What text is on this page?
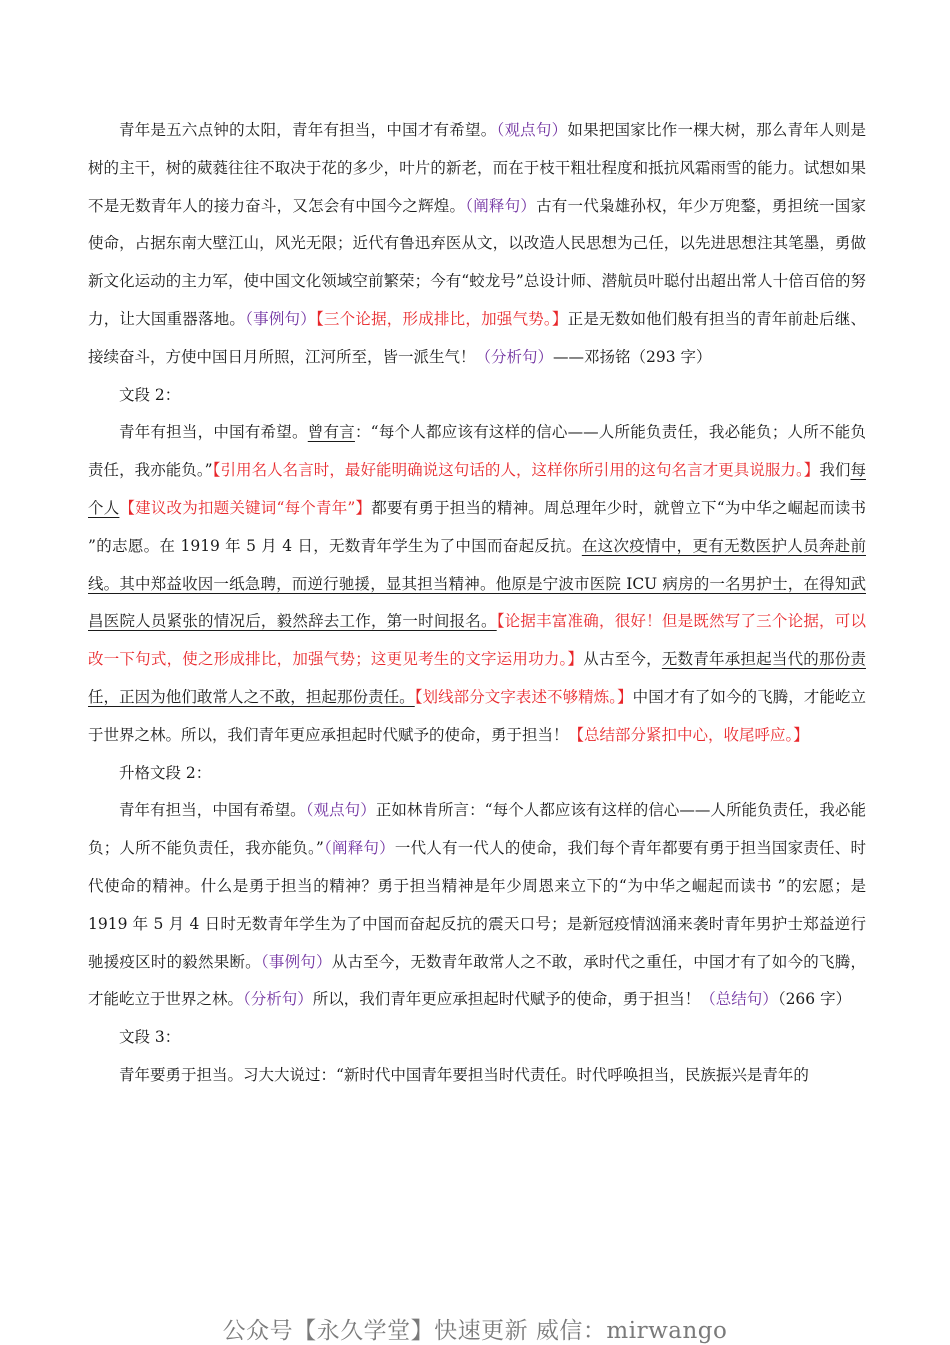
青年是五六点钟的太阳，青年有担当，中国才有希望。（观点句）如果把国家比作一棵大树，那么青年人则是树的主干，树的葳蕤往往不取决于花的多少，叶片的新老，而在于枝干粗壮程度和抵抗风霜雨雪的能力。试想如果不是无数青年人的接力奋斗，又怎会有中国今之辉煌。（阐释句）古有一代枭雄孙权，年少万兜鍪，勇担统一国家使命，占据东南大壁江山，风光无限；近代有鲁迅弃医从文，以改造人民思想为己任，以先进思想注其笔墨，勇做新文化运动的主力军，使中国文化领域空前繁荣；今有“蛟龙号”总设计师、潜航员叶聪付出超出常人十倍百倍的努力，让大国重器落地。（事例句）【三个论据，形成排比，加强气势。】正是无数如他们般有担当的青年前赴后继、接续奋斗，方使中国日月所照，江河所至，皆一派生气！（分析句）——邓扬铭（293 字）

文段 2：

青年有担当，中国有希望。曾有言：“每个人都应该有这样的信心——人所能负责任，我必能负；人所不能负责任，我亦能负。”【引用名人名言时，最好能明确说这句话的人，这样你所引用的这句名言才更具说服力。】我们每个人【建议改为扣题关键词“每个青年”】都要有勇于担当的精神。周总理年少时，就曾立下“为中华之崛起而读书 ”的志愿。在 1919 年 5 月 4 日，无数青年学生为了中国而奋起反抗。在这次疫情中，更有无数医护人员奔赴前线。其中郑益收因一纸急聘，而逆行驰援，显其担当精神。他原是宁波市医院 ICU 病房的一名男护士，在得知武昌医院人员紧张的情况后，毅然辞去工作，第一时间报名。【论据丰富准确，很好！但是既然写了三个论据，可以改一下句式，使之形成排比，加强气势；这更见考生的文字运用功力。】从古至今，无数青年承担起当代的那份责任，正因为他们敢常人之不敢，担起那份责任。【划线部分文字表述不够精炼。】中国才有了如今的飞腾，才能屹立于世界之林。所以，我们青年更应承担起时代赋予的使命，勇于担当！【总结部分紧扣中心，收尾呼应。】

升格文段 2：

青年有担当，中国有希望。（观点句）正如林肯所言：“每个人都应该有这样的信心——人所能负责任，我必能负；人所不能负责任，我亦能负。”（阐释句）一代人有一代人的使命，我们每个青年都要有勇于担当国家责任、时代使命的精神。什么是勇于担当的精神？勇于担当精神是年少周恩来立下的“为中华之崛起而读书 ”的宏愿；是 1919 年 5 月 4 日时无数青年学生为了中国而奋起反抗的震天口号；是新冠疫情汹涌来袭时青年男护士郑益逆行驰援疫区时的毅然果断。（事例句）从古至今，无数青年敢常人之不敢，承时代之重任，中国才有了如今的飞腾，才能屹立于世界之林。（分析句）所以，我们青年更应承担起时代赋予的使命，勇于担当！（总结句）（266 字）

文段 3：

青年要勇于担当。习大大说过：“新时代中国青年要担当时代责任。时代呼唤担当，民族振兴是青年的

公众号【永久学堂】快速更新 威信：mirwango
